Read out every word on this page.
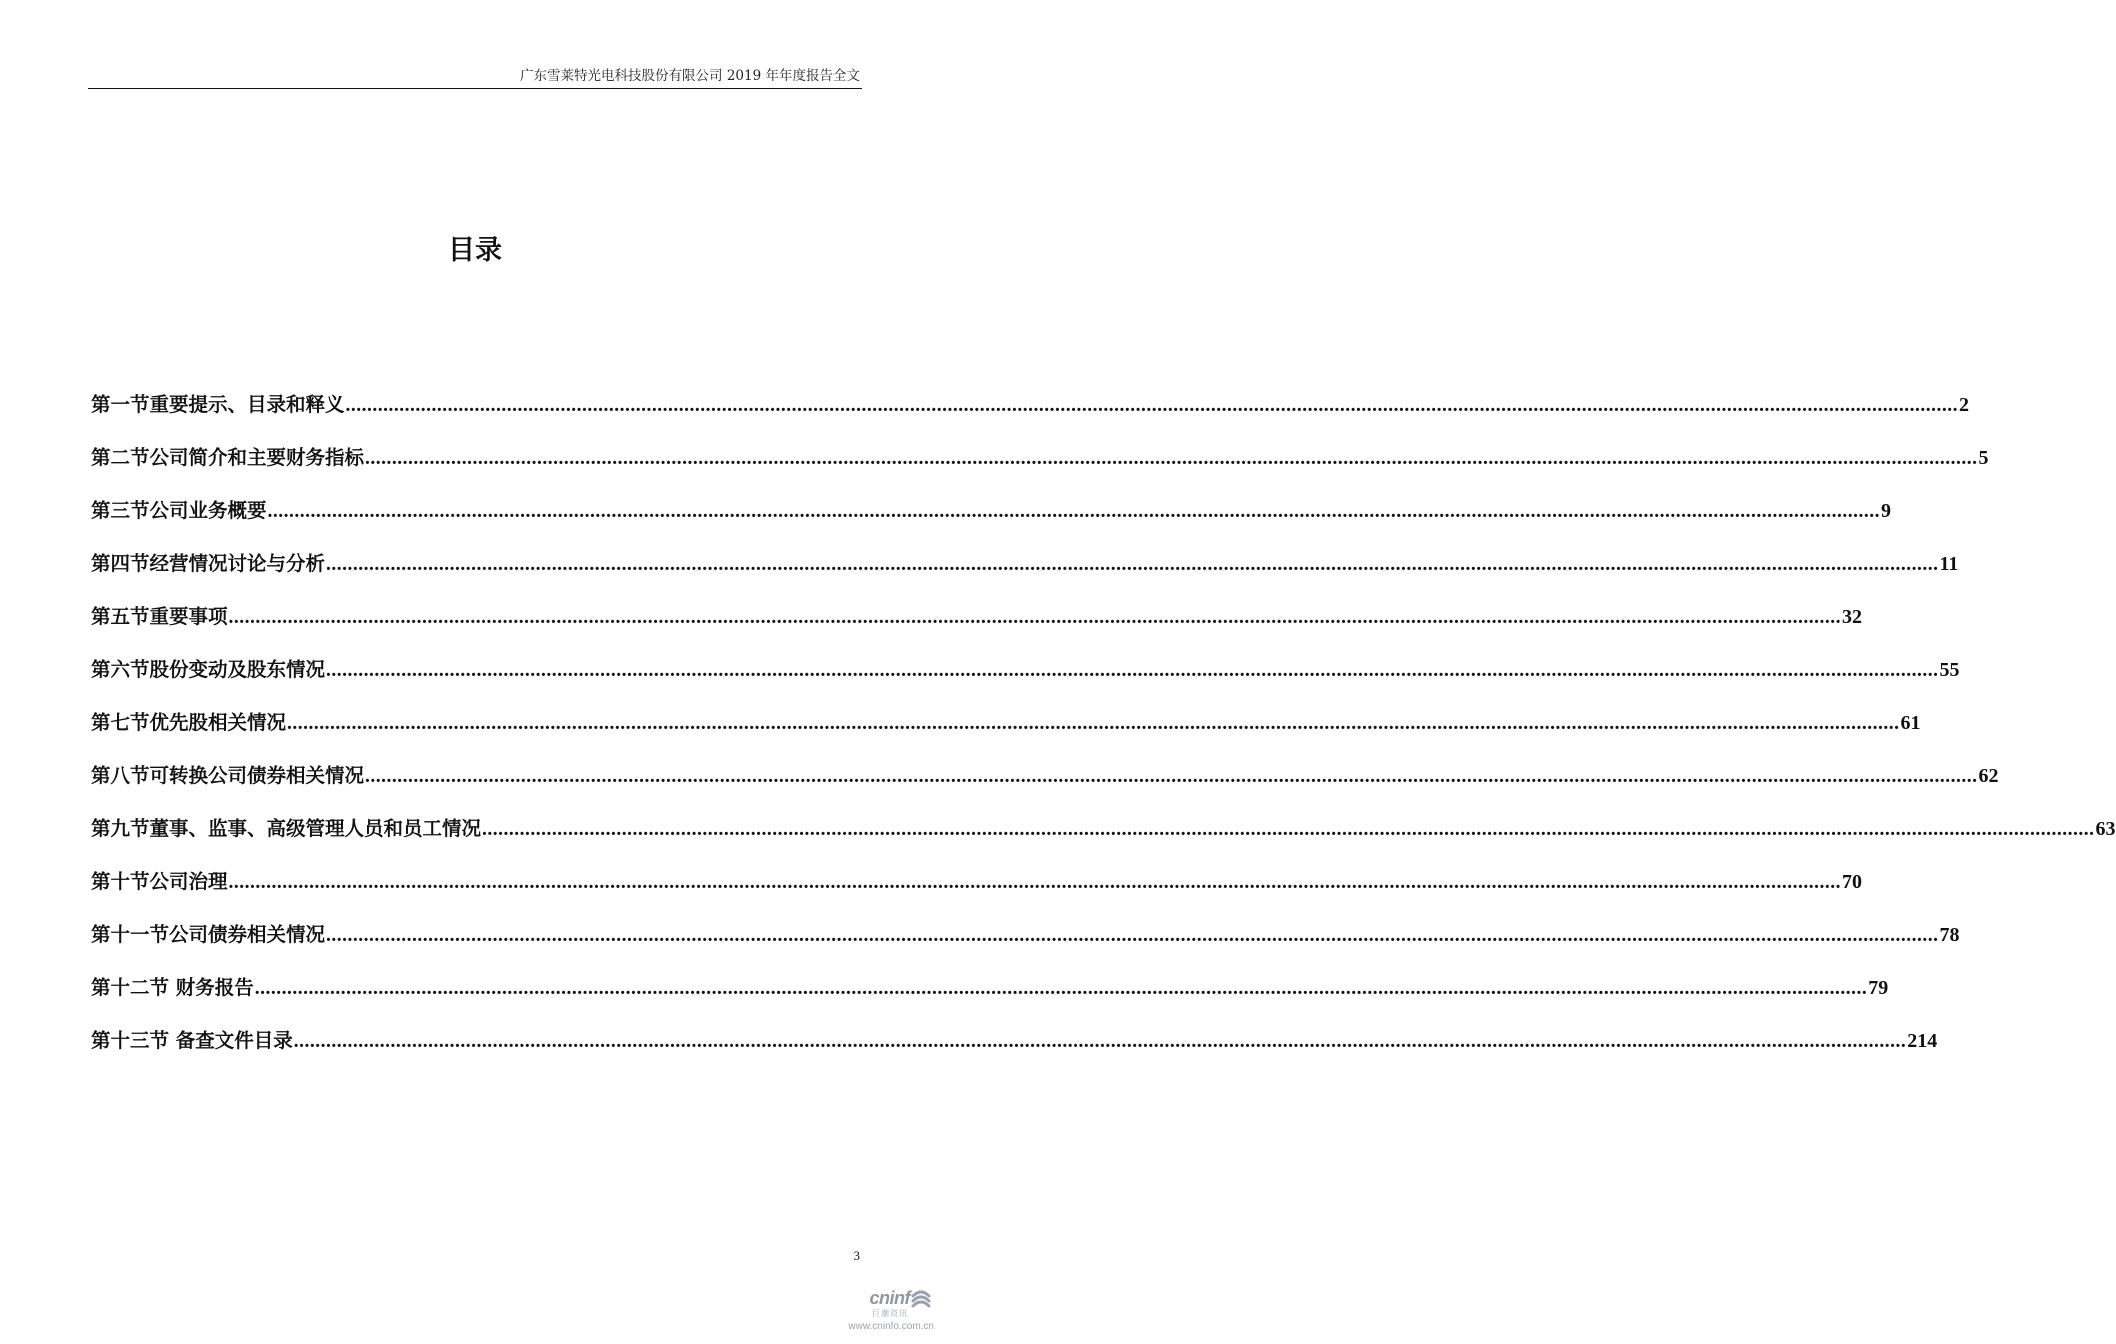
广东雪莱特光电科技股份有限公司 2019 年年度报告全文
目录
第一节重要提示、目录和释义 ............................................................................................................................................................................................................................................................................................................ 2
第二节公司简介和主要财务指标 ............................................................................................................................................................................................................................................................................................................ 5
第三节公司业务概要 ............................................................................................................................................................................................................................................................................................................ 9
第四节经营情况讨论与分析 ............................................................................................................................................................................................................................................................................................................ 11
第五节重要事项 ............................................................................................................................................................................................................................................................................................................ 32
第六节股份变动及股东情况 ............................................................................................................................................................................................................................................................................................................ 55
第七节优先股相关情况 ............................................................................................................................................................................................................................................................................................................ 61
第八节可转换公司债券相关情况 ............................................................................................................................................................................................................................................................................................................ 62
第九节董事、监事、高级管理人员和员工情况 ............................................................................................................................................................................................................................................................................................................ 63
第十节公司治理 ............................................................................................................................................................................................................................................................................................................ 70
第十一节公司债券相关情况 ............................................................................................................................................................................................................................................................................................................ 78
第十二节 财务报告 ............................................................................................................................................................................................................................................................................................................ 79
第十三节 备查文件目录 ............................................................................................................................................................................................................................................................................................................ 214
3
cninf
巨潮资讯
www.cninfo.com.cn
